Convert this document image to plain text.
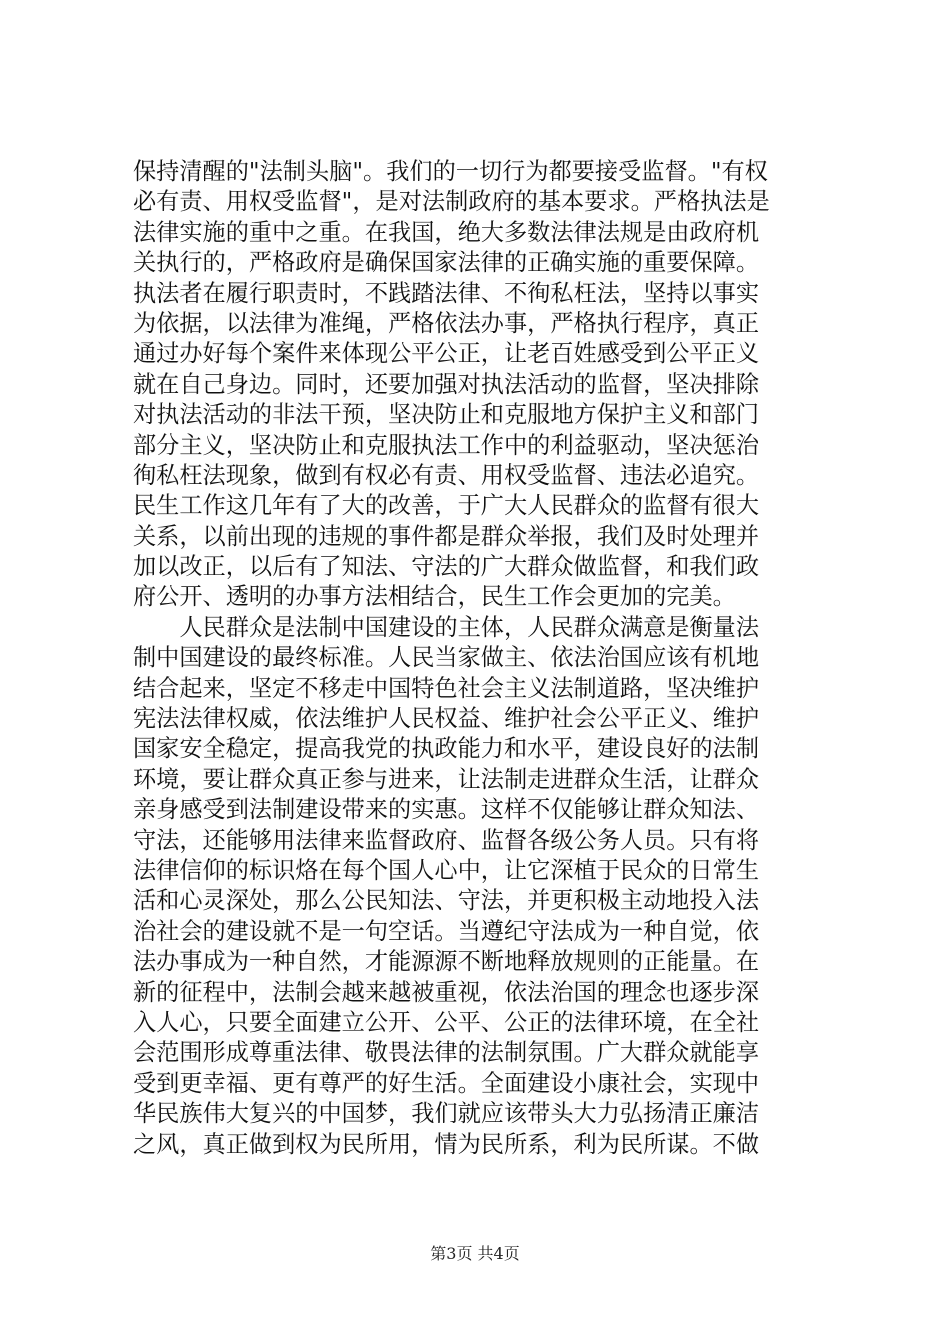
保持清醒的"法制头脑"。我们的一切行为都要接受监督。"有权
必有责、用权受监督"，是对法制政府的基本要求。严格执法是
法律实施的重中之重。在我国，绝大多数法律法规是由政府机
关执行的，严格政府是确保国家法律的正确实施的重要保障。
执法者在履行职责时，不践踏法律、不徇私枉法，坚持以事实
为依据，以法律为准绳，严格依法办事，严格执行程序，真正
通过办好每个案件来体现公平公正，让老百姓感受到公平正义
就在自己身边。同时，还要加强对执法活动的监督，坚决排除
对执法活动的非法干预，坚决防止和克服地方保护主义和部门
部分主义，坚决防止和克服执法工作中的利益驱动，坚决惩治
徇私枉法现象，做到有权必有责、用权受监督、违法必追究。
民生工作这几年有了大的改善，于广大人民群众的监督有很大
关系，以前出现的违规的事件都是群众举报，我们及时处理并
加以改正，以后有了知法、守法的广大群众做监督，和我们政
府公开、透明的办事方法相结合，民生工作会更加的完美。
　　人民群众是法制中国建设的主体，人民群众满意是衡量法
制中国建设的最终标准。人民当家做主、依法治国应该有机地
结合起来，坚定不移走中国特色社会主义法制道路，坚决维护
宪法法律权威，依法维护人民权益、维护社会公平正义、维护
国家安全稳定，提高我党的执政能力和水平，建设良好的法制
环境，要让群众真正参与进来，让法制走进群众生活，让群众
亲身感受到法制建设带来的实惠。这样不仅能够让群众知法、
守法，还能够用法律来监督政府、监督各级公务人员。只有将
法律信仰的标识烙在每个国人心中，让它深植于民众的日常生
活和心灵深处，那么公民知法、守法，并更积极主动地投入法
治社会的建设就不是一句空话。当遵纪守法成为一种自觉，依
法办事成为一种自然，才能源源不断地释放规则的正能量。在
新的征程中，法制会越来越被重视，依法治国的理念也逐步深
入人心，只要全面建立公开、公平、公正的法律环境，在全社
会范围形成尊重法律、敬畏法律的法制氛围。广大群众就能享
受到更幸福、更有尊严的好生活。全面建设小康社会，实现中
华民族伟大复兴的中国梦，我们就应该带头大力弘扬清正廉洁
之风，真正做到权为民所用，情为民所系，利为民所谋。不做
第3页 共4页
